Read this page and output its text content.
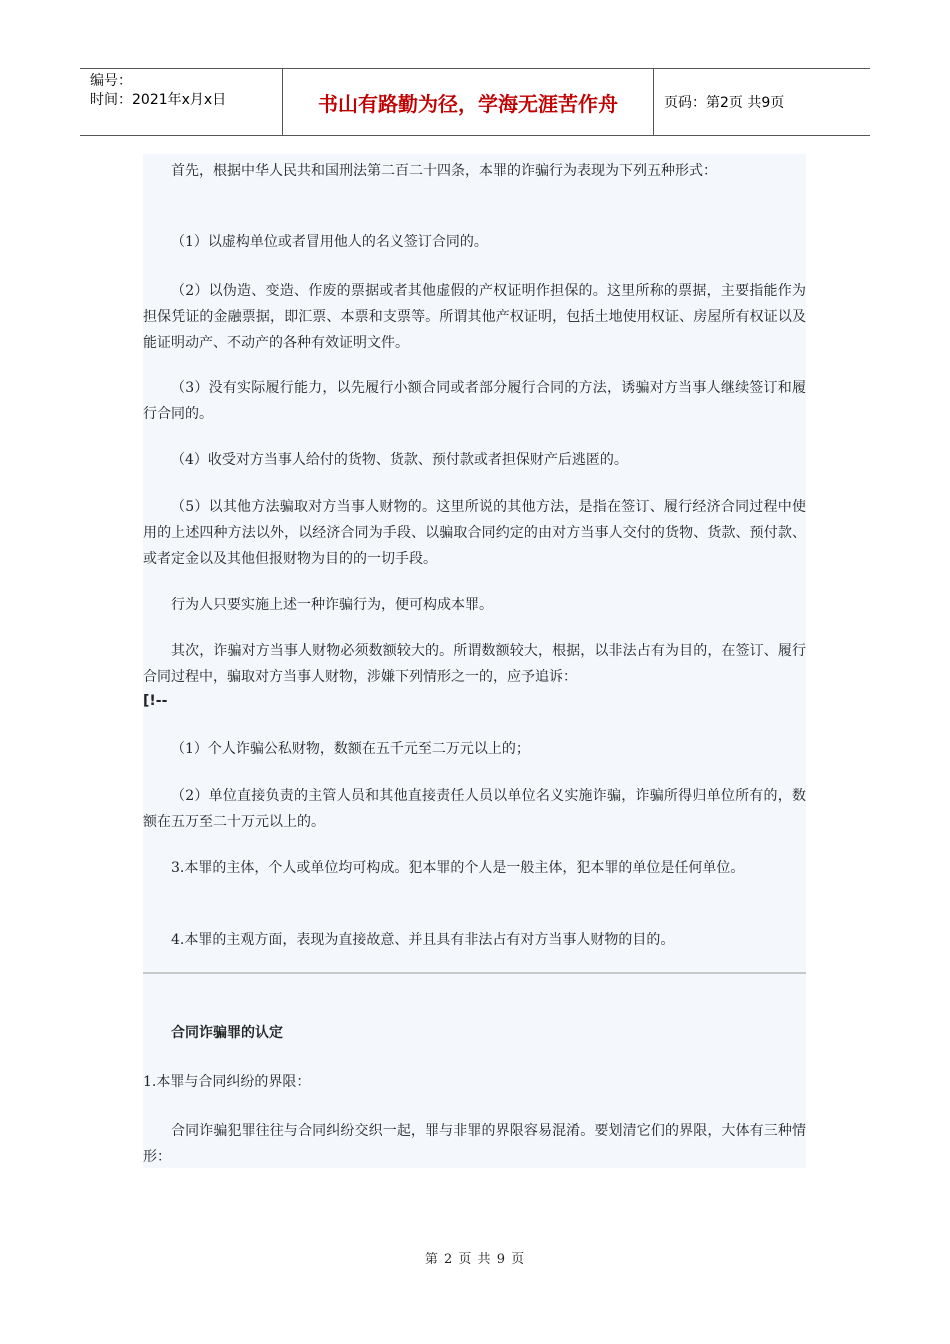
编号：
时间：2021年x月x日	书山有路勤为径，学海无涯苦作舟	页码：第2页 共9页
首先，根据中华人民共和国刑法第二百二十四条，本罪的诈骗行为表现为下列五种形式：
（1）以虚构单位或者冒用他人的名义签订合同的。
（2）以伪造、变造、作废的票据或者其他虚假的产权证明作担保的。这里所称的票据，主要指能作为担保凭证的金融票据，即汇票、本票和支票等。所谓其他产权证明，包括土地使用权证、房屋所有权证以及能证明动产、不动产的各种有效证明文件。
（3）没有实际履行能力，以先履行小额合同或者部分履行合同的方法，诱骗对方当事人继续签订和履行合同的。
（4）收受对方当事人给付的货物、货款、预付款或者担保财产后逃匿的。
（5）以其他方法骗取对方当事人财物的。这里所说的其他方法，是指在签订、履行经济合同过程中使用的上述四种方法以外，以经济合同为手段、以骗取合同约定的由对方当事人交付的货物、货款、预付款、或者定金以及其他但报财物为目的的一切手段。
行为人只要实施上述一种诈骗行为，便可构成本罪。
其次，诈骗对方当事人财物必须数额较大的。所谓数额较大，根据，以非法占有为目的，在签订、履行合同过程中，骗取对方当事人财物，涉嫌下列情形之一的，应予追诉：
[!--
（1）个人诈骗公私财物，数额在五千元至二万元以上的；
（2）单位直接负责的主管人员和其他直接责任人员以单位名义实施诈骗，诈骗所得归单位所有的，数额在五万至二十万元以上的。
3.本罪的主体，个人或单位均可构成。犯本罪的个人是一般主体，犯本罪的单位是任何单位。
4.本罪的主观方面，表现为直接故意、并且具有非法占有对方当事人财物的目的。
合同诈骗罪的认定
1.本罪与合同纠纷的界限：
合同诈骗犯罪往往与合同纠纷交织一起，罪与非罪的界限容易混淆。要划清它们的界限，大体有三种情形：
第 2 页 共 9 页
